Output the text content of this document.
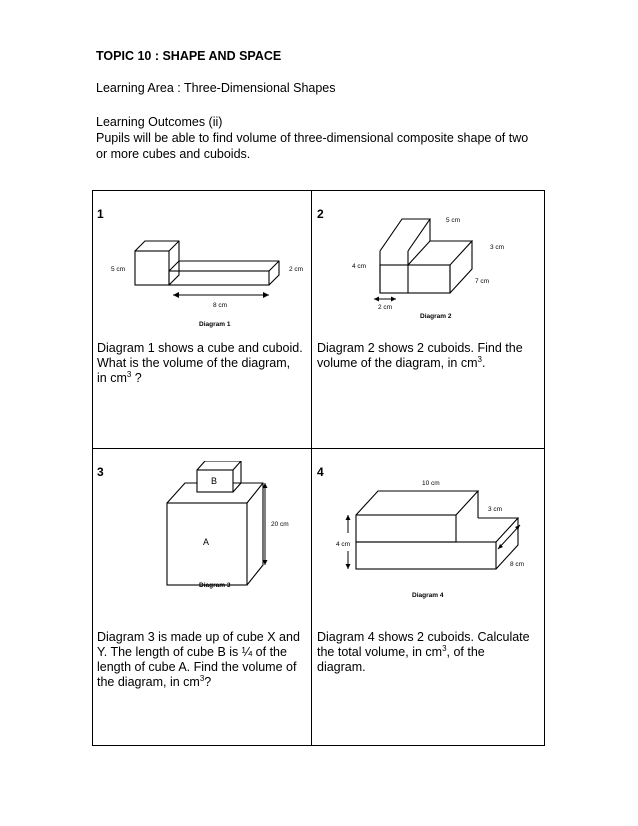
TOPIC 10 : SHAPE AND SPACE
Learning Area : Three-Dimensional Shapes
Learning Outcomes (ii)
Pupils will be able to find volume of three-dimensional composite shape of two or more cubes and cuboids.
1
5 cm	2 cm
8 cm
Diagram 1
Diagram 1 shows a cube and cuboid. What is the volume of the diagram, in $cm^3$ ?
2	5 cm
3 cm
4 cm
7 cm
2 cm
Diagram 2
Diagram 2 shows 2 cuboids. Find the volume of the diagram, in $cm^3$.
3
B
A
20 cm
Diagram 3
Diagram 3 is made up of cube X and Y. The length of cube B is ¼ of the length of cube A. Find the volume of the diagram, in $cm^3$?
4
10 cm
3 cm
4 cm
8 cm
Diagram 4
Diagram 4 shows 2 cuboids. Calculate the total volume, in $cm^3$, of the diagram.
